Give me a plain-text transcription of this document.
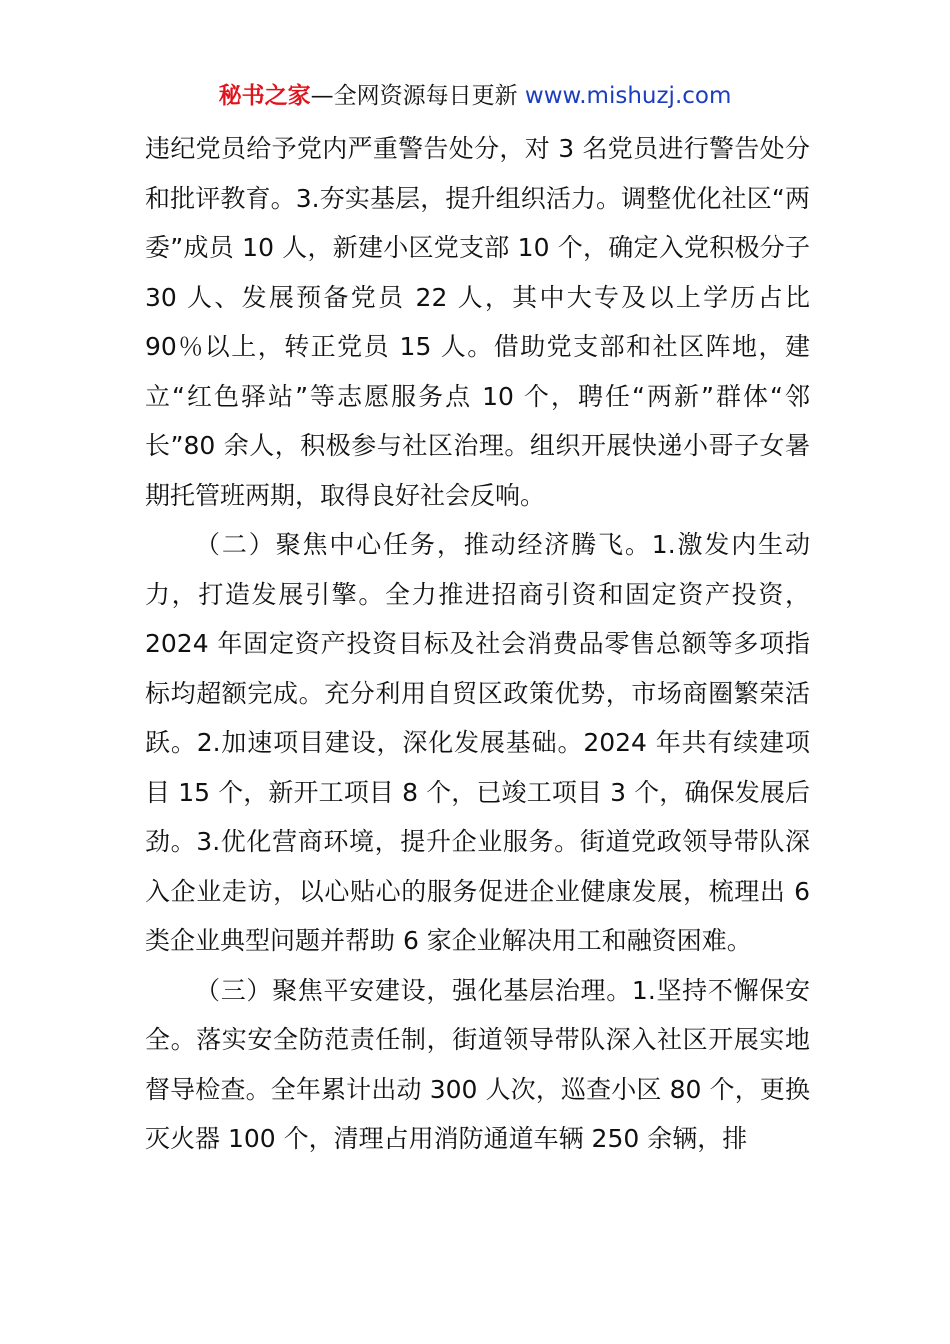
秘书之家—全网资源每日更新 www.mishuzj.com

违纪党员给予党内严重警告处分，对 3 名党员进行警告处分和批评教育。3.夯实基层，提升组织活力。调整优化社区“两委”成员 10 人，新建小区党支部 10 个，确定入党积极分子 30 人、发展预备党员 22 人，其中大专及以上学历占比 90％以上，转正党员 15 人。借助党支部和社区阵地，建立“红色驿站”等志愿服务点 10 个，聘任“两新”群体“邻长”80 余人，积极参与社区治理。组织开展快递小哥子女暑期托管班两期，取得良好社会反响。

（二）聚焦中心任务，推动经济腾飞。1.激发内生动力，打造发展引擎。全力推进招商引资和固定资产投资，2024 年固定资产投资目标及社会消费品零售总额等多项指标均超额完成。充分利用自贸区政策优势，市场商圈繁荣活跃。2.加速项目建设，深化发展基础。2024 年共有续建项目 15 个，新开工项目 8 个，已竣工项目 3 个，确保发展后劲。3.优化营商环境，提升企业服务。街道党政领导带队深入企业走访，以心贴心的服务促进企业健康发展，梳理出 6 类企业典型问题并帮助 6 家企业解决用工和融资困难。

（三）聚焦平安建设，强化基层治理。1.坚持不懈保安全。落实安全防范责任制，街道领导带队深入社区开展实地督导检查。全年累计出动 300 人次，巡查小区 80 个，更换灭火器 100 个，清理占用消防通道车辆 250 余辆，排
